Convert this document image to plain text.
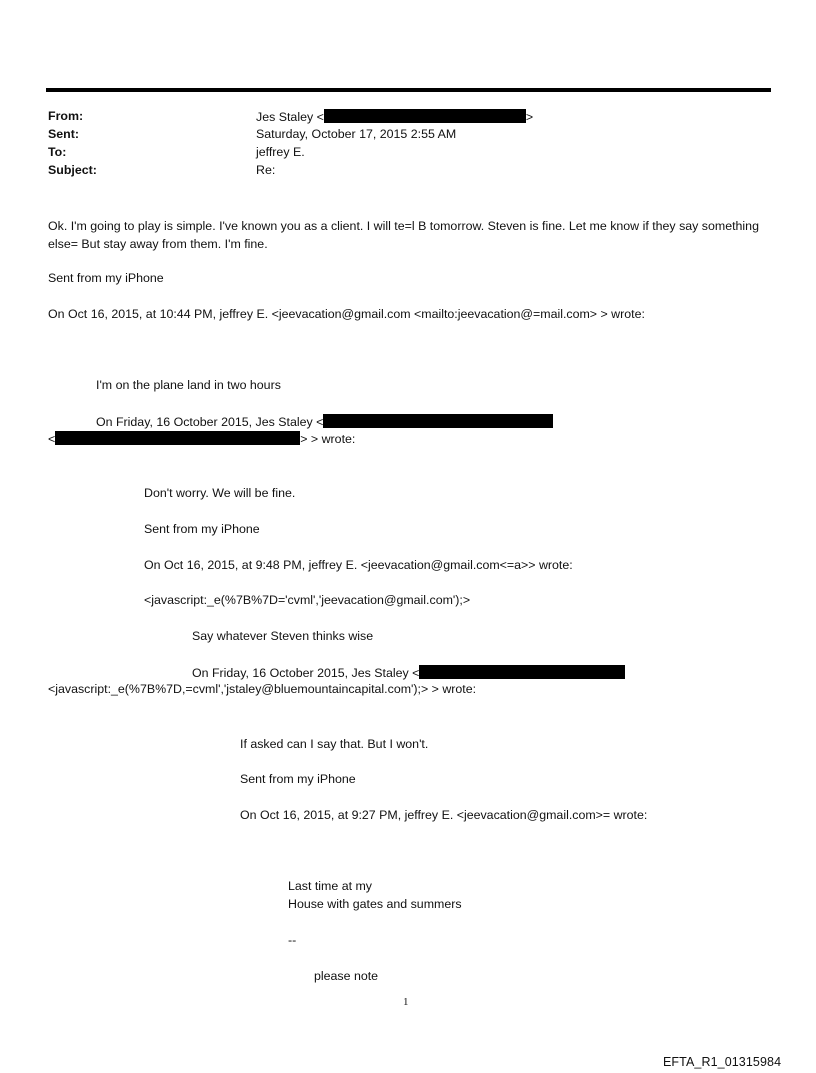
From:	Jes Staley <	>
Sent:	Saturday, October 17, 2015 2:55 AM
To:	jeffrey E.
Subject:	Re:
Ok. I'm going to play is simple. I've known you as a client. I will te=l B tomorrow. Steven is fine. Let me know if they say something else= But stay away from them. I'm fine.
Sent from my iPhone
On Oct 16, 2015, at 10:44 PM, jeffrey E. <jeevacation@gmail.com <mailto:jeevacation@=mail.com> > wrote:
I'm on the plane land in two hours
On Friday, 16 October 2015, Jes Staley <
<	> > wrote:
Don't worry. We will be fine.
Sent from my iPhone
On Oct 16, 2015, at 9:48 PM, jeffrey E. <jeevacation@gmail.com<=a>> wrote:
<javascript:_e(%7B%7D='cvml','jeevacation@gmail.com');>
Say whatever Steven thinks wise
On Friday, 16 October 2015, Jes Staley <
<javascript:_e(%7B%7D,=cvml','jstaley@bluemountaincapital.com');> > wrote:
If asked can I say that. But I won't.
Sent from my iPhone
On Oct 16, 2015, at 9:27 PM, jeffrey E. <jeevacation@gmail.com>= wrote:
Last time at my
House with gates and summers
--
please note
1
EFTA_R1_01315984
